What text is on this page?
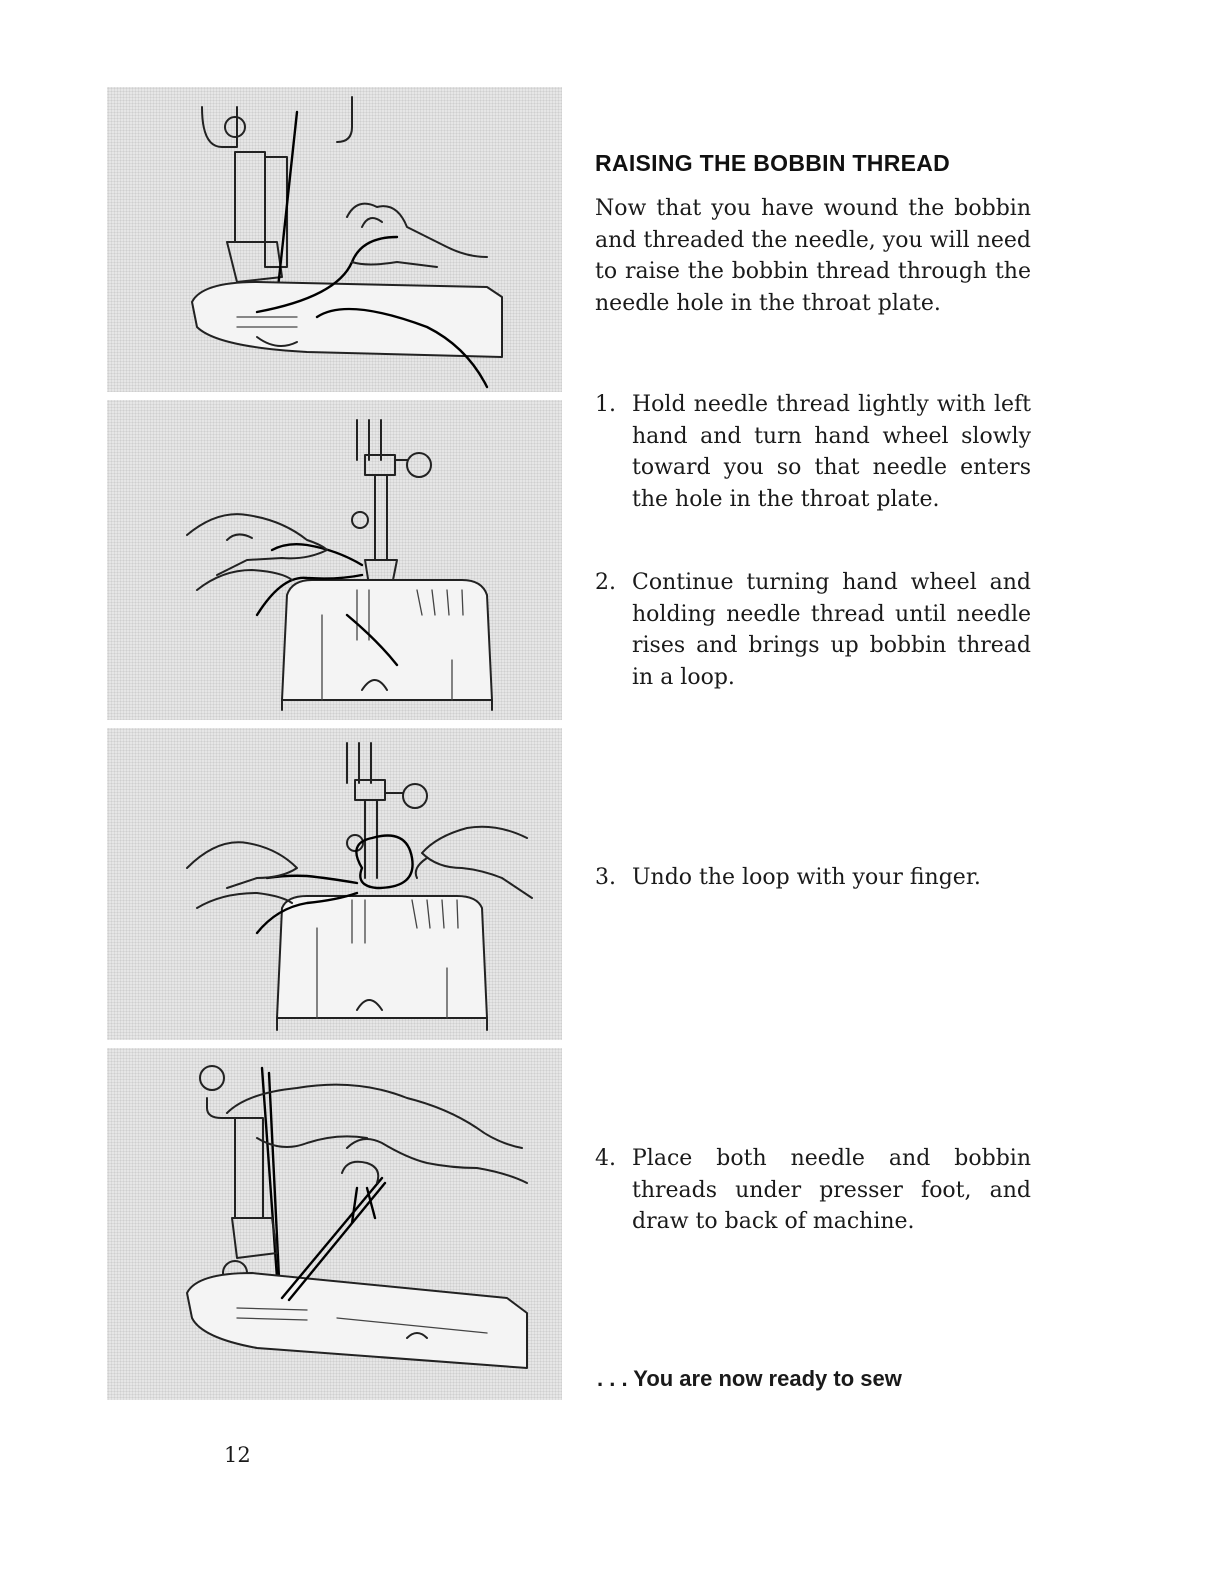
RAISING THE BOBBIN THREAD

Now that you have wound the bobbin and threaded the needle, you will need to raise the bobbin thread through the needle hole in the throat plate.

1. Hold needle thread lightly with left hand and turn hand wheel slowly toward you so that needle enters the hole in the throat plate.
2. Continue turning hand wheel and holding needle thread until needle rises and brings up bobbin thread in a loop.
3. Undo the loop with your finger.
4. Place both needle and bobbin threads under presser foot, and draw to back of machine.

. . . You are now ready to sew

12
